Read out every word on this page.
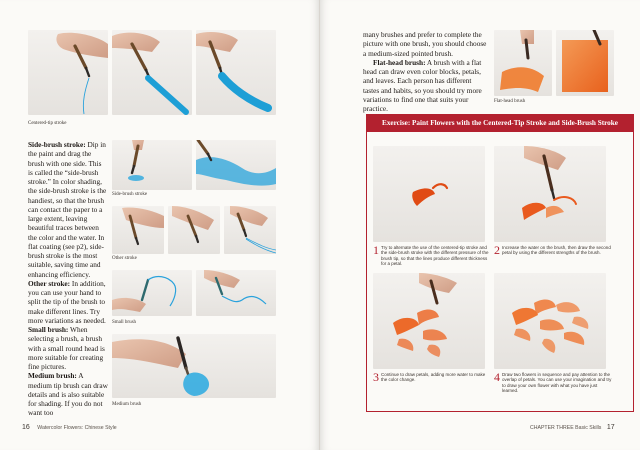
Centered-tip stroke

Side-brush stroke: Dip in the paint and drag the brush with one side. This is called the “side-brush stroke.” In color shading, the side-brush stroke is the handiest, so that the brush can contact the paper to a large extent, leaving beautiful traces between the color and the water. In flat coating (see p2), side-brush stroke is the most suitable, saving time and enhancing efficiency.

Other stroke: In addition, you can use your hand to split the tip of the brush to make different lines. Try more variations as needed.

Small brush: When selecting a brush, a brush with a small round head is more suitable for creating fine pictures.

Medium brush: A medium tip brush can draw details and is also suitable for shading. If you do not want too

Side-brush stroke
Other stroke
Small brush
Medium brush
16 Watercolor Flowers: Chinese Style

many brushes and prefer to complete the picture with one brush, you should choose a medium-sized pointed brush.

Flat-head brush: A brush with a flat head can draw even color blocks, petals, and leaves. Each person has different tastes and habits, so you should try more variations to find one that suits your practice.

Flat-head brush
CHAPTER THREE Basic Skills 17
Exercise: Paint Flowers with the Centered-Tip Stroke and Side-Brush Stroke
1 Try to alternate the use of the centered-tip stroke and the side-brush stroke with the different pressure of the brush tip, so that the lines produce different thickness for a petal.
2 Increase the water on the brush, then draw the second petal by using the different strengths of the brush.
3 Continue to draw petals, adding more water to make the color change.	4 Draw two flowers in sequence and pay attention to the overlap of petals. You can use your imagination and try to draw your own flower with what you have just learned.
